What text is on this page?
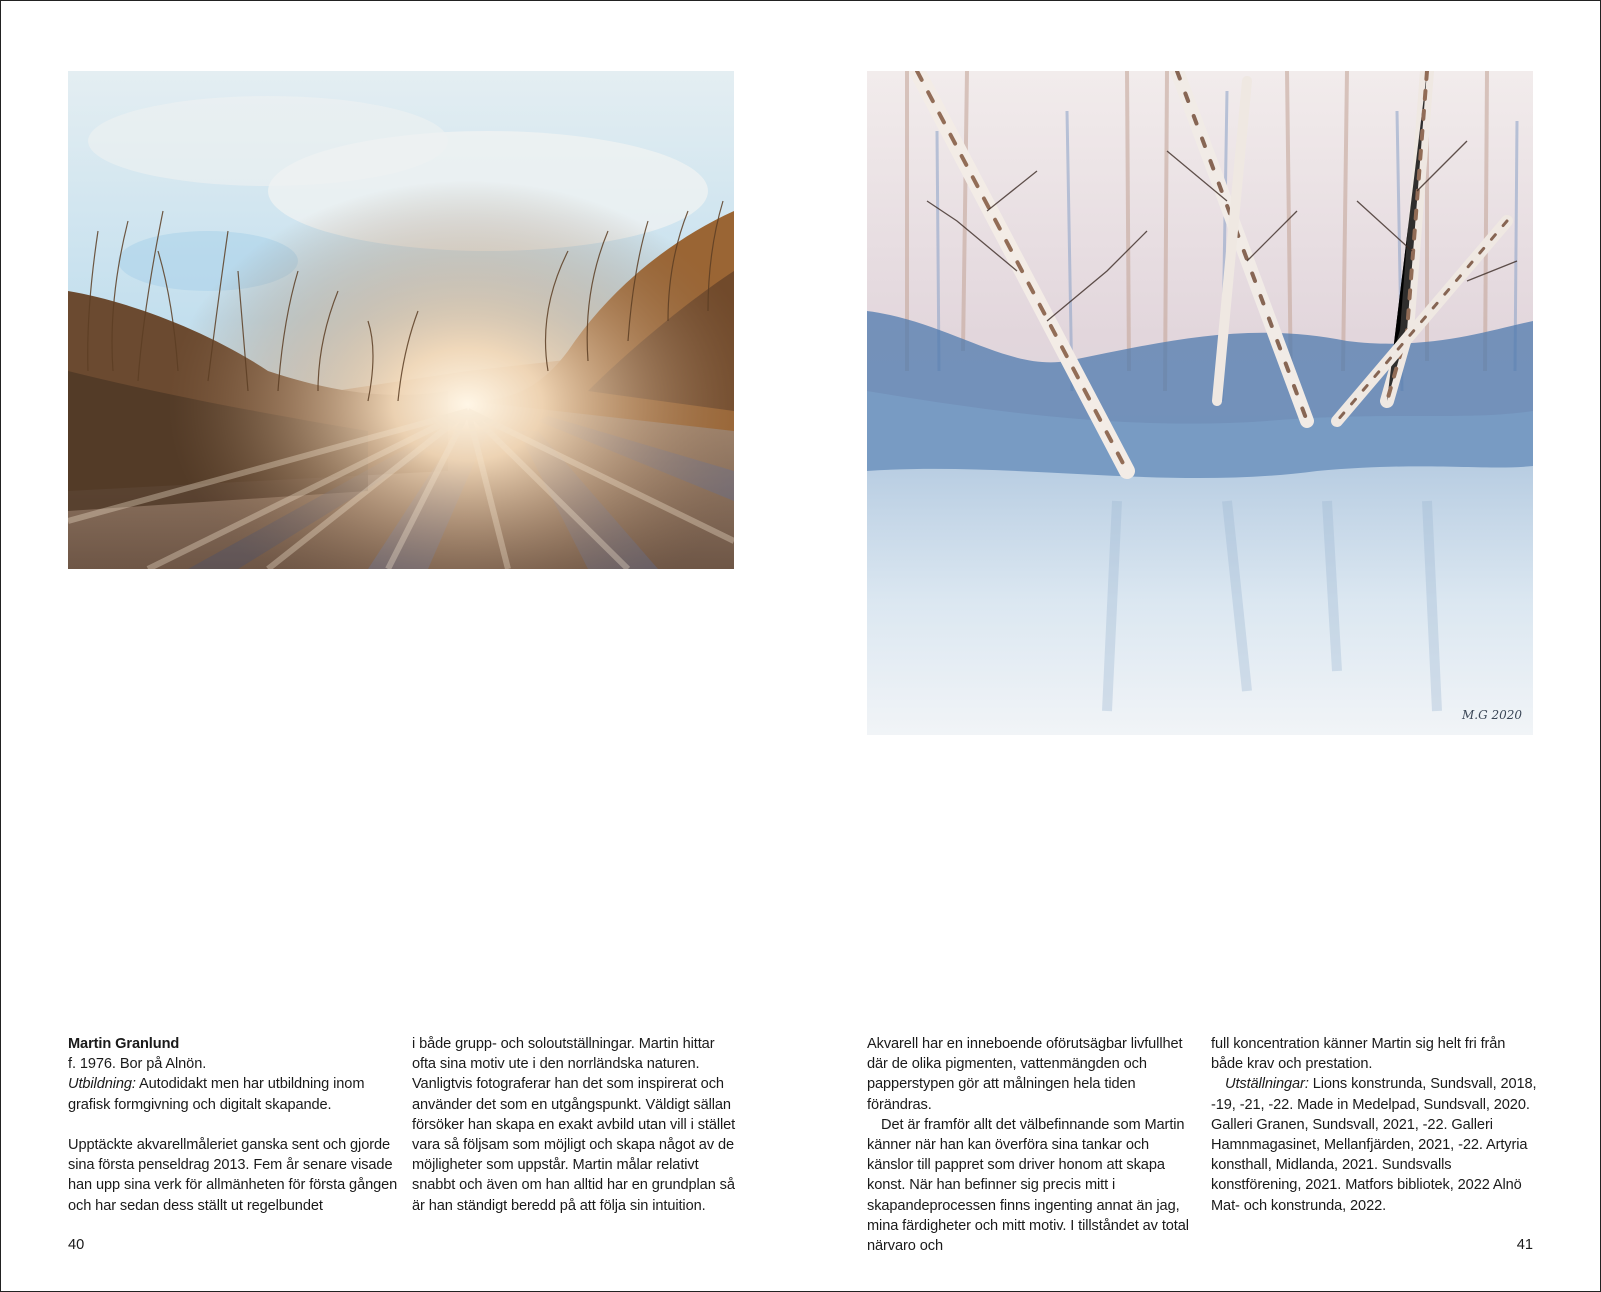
M.G 2020

Martin Granlund

f. 1976. Bor på Alnön.

Utbildning: Autodidakt men har utbildning inom grafisk formgivning och digitalt skapande.

Upptäckte akvarellmåleriet ganska sent och gjorde sina första penseldrag 2013. Fem år senare visade han upp sina verk för allmänheten för första gången och har sedan dess ställt ut regelbundet

i både grupp- och soloutställningar. Martin hittar ofta sina motiv ute i den norrländska naturen. Vanligtvis fotograferar han det som inspirerat och använder det som en utgångspunkt. Väldigt sällan försöker han skapa en exakt avbild utan vill i stället vara så följsam som möjligt och skapa något av de möjligheter som uppstår. Martin målar relativt snabbt och även om han alltid har en grundplan så är han ständigt beredd på att följa sin intuition.

Akvarell har en inneboende oförutsägbar livfullhet där de olika pigmenten, vattenmängden och papperstypen gör att målningen hela tiden förändras.

Det är framför allt det välbefinnande som Martin känner när han kan överföra sina tankar och känslor till pappret som driver honom att skapa konst. När han befinner sig precis mitt i skapandeprocessen finns ingenting annat än jag, mina färdigheter och mitt motiv. I tillståndet av total närvaro och

full koncentration känner Martin sig helt fri från både krav och prestation.

Utställningar: Lions konstrunda, Sundsvall, 2018, -19, -21, -22. Made in Medelpad, Sundsvall, 2020. Galleri Granen, Sundsvall, 2021, -22. Galleri Hamnmagasinet, Mellanfjärden, 2021, -22. Artyria konsthall, Midlanda, 2021. Sundsvalls konstförening, 2021. Matfors bibliotek, 2022 Alnö Mat- och konstrunda, 2022.

40	41
